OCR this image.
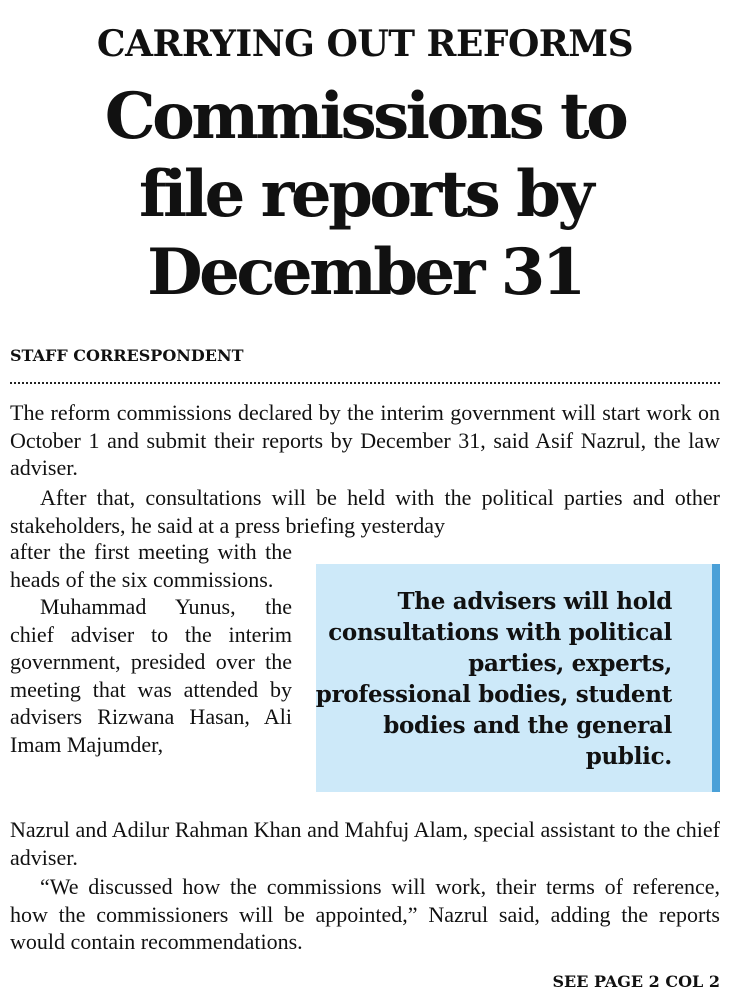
CARRYING OUT REFORMS
Commissions to
file reports by
December 31
STAFF CORRESPONDENT
The reform commissions declared by the interim government will start work on October 1 and submit their reports by December 31, said Asif Nazrul, the law adviser.
After that, consultations will be held with the political parties and other stakeholders, he said at a press briefing yesterday
after the first meeting with the heads of the six commissions.
Muhammad Yunus, the chief adviser to the interim government, presided over the meeting that was attended by advisers Rizwana Hasan, Ali Imam Majumder,
The advisers will hold consultations with political parties, experts, professional bodies, student bodies and the general public.
Nazrul and Adilur Rahman Khan and Mahfuj Alam, special assistant to the chief adviser.
“We discussed how the commissions will work, their terms of reference, how the commissioners will be appointed,” Nazrul said, adding the reports would contain recommendations.
SEE PAGE 2 COL 2
